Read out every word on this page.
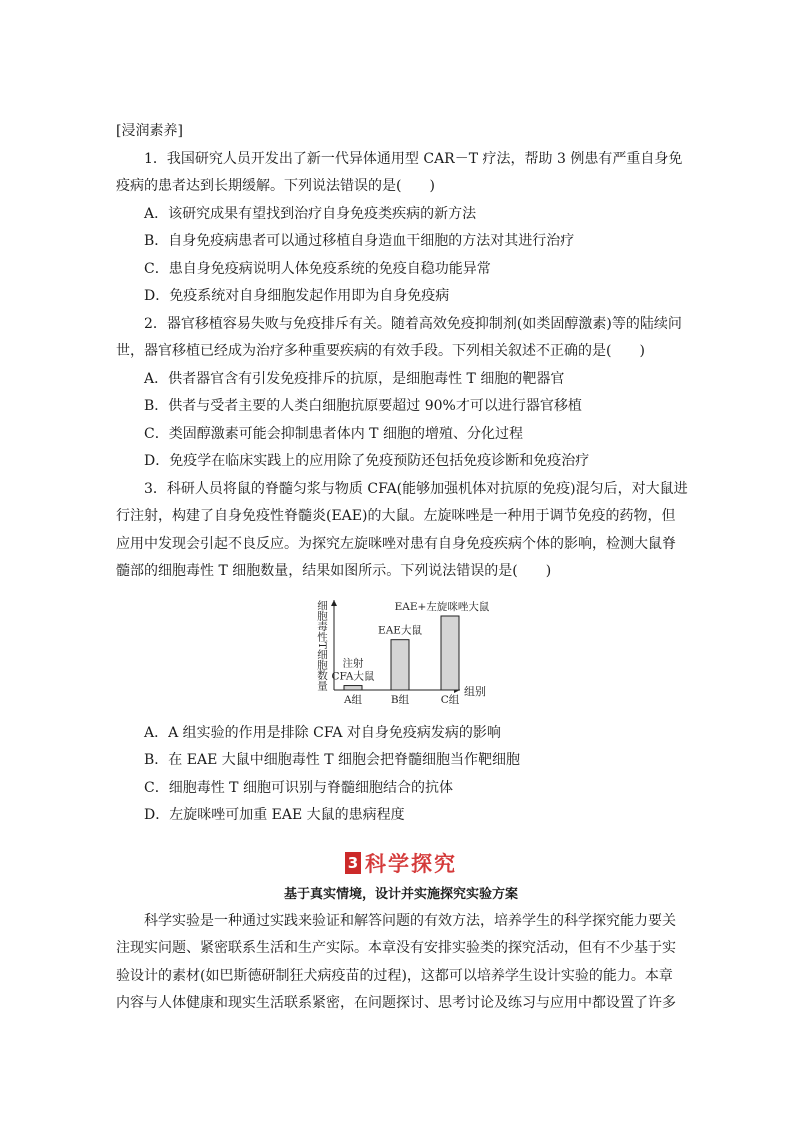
[浸润素养]
1．我国研究人员开发出了新一代异体通用型 CAR－T 疗法，帮助 3 例患有严重自身免
疫病的患者达到长期缓解。下列说法错误的是(　　)
A．该研究成果有望找到治疗自身免疫类疾病的新方法
B．自身免疫病患者可以通过移植自身造血干细胞的方法对其进行治疗
C．患自身免疫病说明人体免疫系统的免疫自稳功能异常
D．免疫系统对自身细胞发起作用即为自身免疫病
2．器官移植容易失败与免疫排斥有关。随着高效免疫抑制剂(如类固醇激素)等的陆续问
世，器官移植已经成为治疗多种重要疾病的有效手段。下列相关叙述不正确的是(　　)
A．供者器官含有引发免疫排斥的抗原，是细胞毒性 T 细胞的靶器官
B．供者与受者主要的人类白细胞抗原要超过 90%才可以进行器官移植
C．类固醇激素可能会抑制患者体内 T 细胞的增殖、分化过程
D．免疫学在临床实践上的应用除了免疫预防还包括免疫诊断和免疫治疗
3．科研人员将鼠的脊髓匀浆与物质 CFA(能够加强机体对抗原的免疫)混匀后，对大鼠进
行注射，构建了自身免疫性脊髓炎(EAE)的大鼠。左旋咪唑是一种用于调节免疫的药物，但
应用中发现会引起不良反应。为探究左旋咪唑对患有自身免疫疾病个体的影响，检测大鼠脊
髓部的细胞毒性 T 细胞数量，结果如图所示。下列说法错误的是(　　)
细胞毒性T细胞数量
组别
A组
注射
CFA大鼠
B组
EAE大鼠
C组
EAE+左旋咪唑大鼠
A．A 组实验的作用是排除 CFA 对自身免疫病发病的影响
B．在 EAE 大鼠中细胞毒性 T 细胞会把脊髓细胞当作靶细胞
C．细胞毒性 T 细胞可识别与脊髓细胞结合的抗体
D．左旋咪唑可加重 EAE 大鼠的患病程度
3 科学探究
基于真实情境，设计并实施探究实验方案
科学实验是一种通过实践来验证和解答问题的有效方法，培养学生的科学探究能力要关
注现实问题、紧密联系生活和生产实际。本章没有安排实验类的探究活动，但有不少基于实
验设计的素材(如巴斯德研制狂犬病疫苗的过程)，这都可以培养学生设计实验的能力。本章
内容与人体健康和现实生活联系紧密，在问题探讨、思考讨论及练习与应用中都设置了许多
